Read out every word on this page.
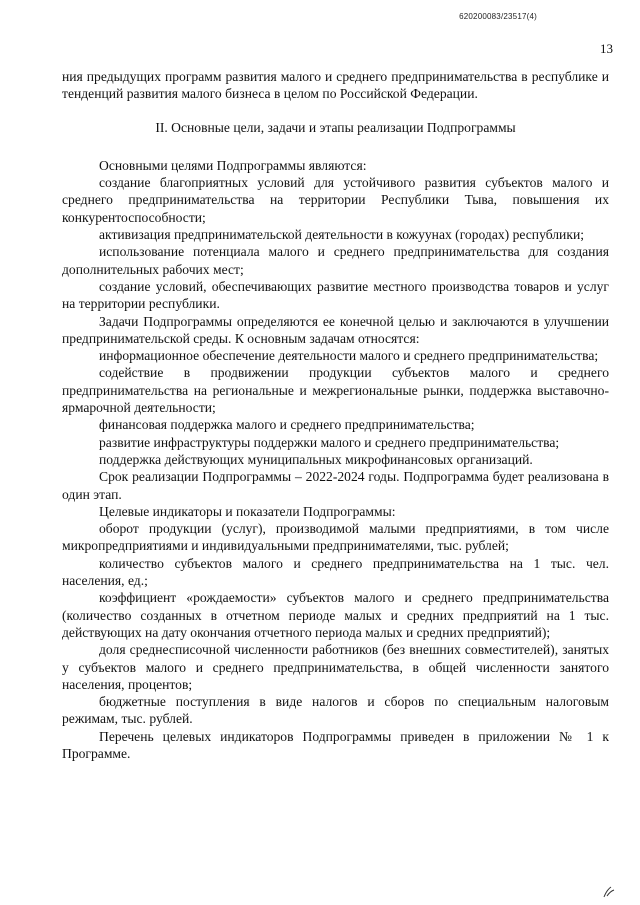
620200083/23517(4)
13

ния предыдущих программ развития малого и среднего предпринимательства в республике и тенденций развития малого бизнеса в целом по Российской Федерации.

II. Основные цели, задачи и этапы реализации Подпрограммы

Основными целями Подпрограммы являются:

создание благоприятных условий для устойчивого развития субъектов малого и среднего предпринимательства на территории Республики Тыва, повышения их конкурентоспособности;

активизация предпринимательской деятельности в кожуунах (городах) республики;

использование потенциала малого и среднего предпринимательства для создания дополнительных рабочих мест;

создание условий, обеспечивающих развитие местного производства товаров и услуг на территории республики.

Задачи Подпрограммы определяются ее конечной целью и заключаются в улучшении предпринимательской среды. К основным задачам относятся:

информационное обеспечение деятельности малого и среднего предпринимательства;

содействие в продвижении продукции субъектов малого и среднего предпринимательства на региональные и межрегиональные рынки, поддержка выставочно-ярмарочной деятельности;

финансовая поддержка малого и среднего предпринимательства;

развитие инфраструктуры поддержки малого и среднего предпринимательства;

поддержка действующих муниципальных микрофинансовых организаций.

Срок реализации Подпрограммы – 2022-2024 годы. Подпрограмма будет реализована в один этап.

Целевые индикаторы и показатели Подпрограммы:

оборот продукции (услуг), производимой малыми предприятиями, в том числе микропредприятиями и индивидуальными предпринимателями, тыс. рублей;

количество субъектов малого и среднего предпринимательства на 1 тыс. чел. населения, ед.;

коэффициент «рождаемости» субъектов малого и среднего предпринимательства (количество созданных в отчетном периоде малых и средних предприятий на 1 тыс. действующих на дату окончания отчетного периода малых и средних предприятий);

доля среднесписочной численности работников (без внешних совместителей), занятых у субъектов малого и среднего предпринимательства, в общей численности занятого населения, процентов;

бюджетные поступления в виде налогов и сборов по специальным налоговым режимам, тыс. рублей.

Перечень целевых индикаторов Подпрограммы приведен в приложении № 1 к Программе.
